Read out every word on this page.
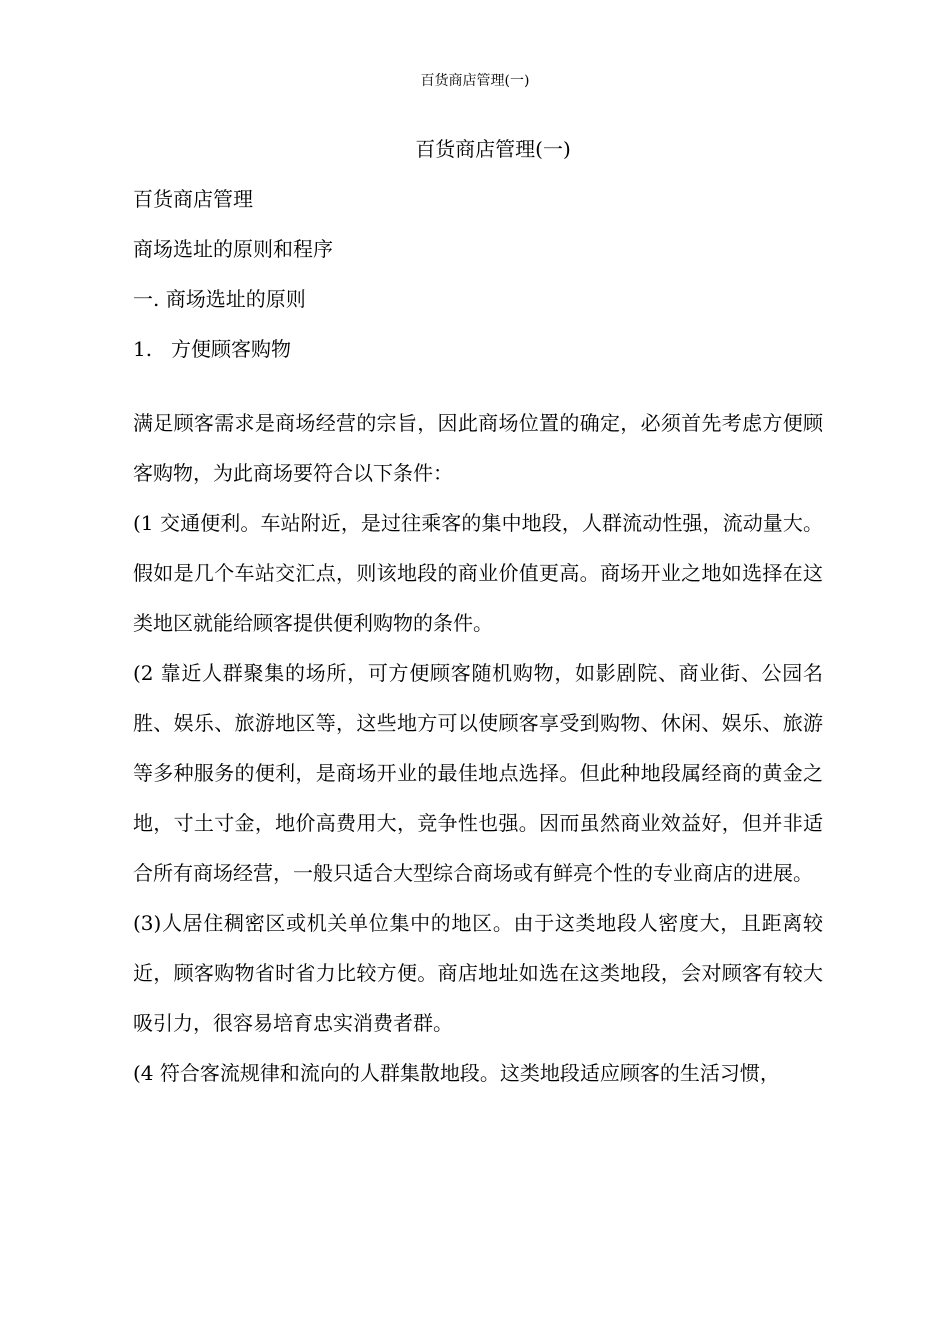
百货商店管理(一)
百货商店管理(一)
百货商店管理
商场选址的原则和程序
一. 商场选址的原则
1. 方便顾客购物

满足顾客需求是商场经营的宗旨，因此商场位置的确定，必须首先考虑方便顾客购物，为此商场要符合以下条件：

(1 交通便利。车站附近，是过往乘客的集中地段，人群流动性强，流动量大。假如是几个车站交汇点，则该地段的商业价值更高。商场开业之地如选择在这类地区就能给顾客提供便利购物的条件。

(2 靠近人群聚集的场所，可方便顾客随机购物，如影剧院、商业街、公园名胜、娱乐、旅游地区等，这些地方可以使顾客享受到购物、休闲、娱乐、旅游等多种服务的便利，是商场开业的最佳地点选择。但此种地段属经商的黄金之地，寸土寸金，地价高费用大，竞争性也强。因而虽然商业效益好，但并非适合所有商场经营，一般只适合大型综合商场或有鲜亮个性的专业商店的进展。

(3)人居住稠密区或机关单位集中的地区。由于这类地段人密度大，且距离较近，顾客购物省时省力比较方便。商店地址如选在这类地段，会对顾客有较大吸引力，很容易培育忠实消费者群。

(4 符合客流规律和流向的人群集散地段。这类地段适应顾客的生活习惯，
